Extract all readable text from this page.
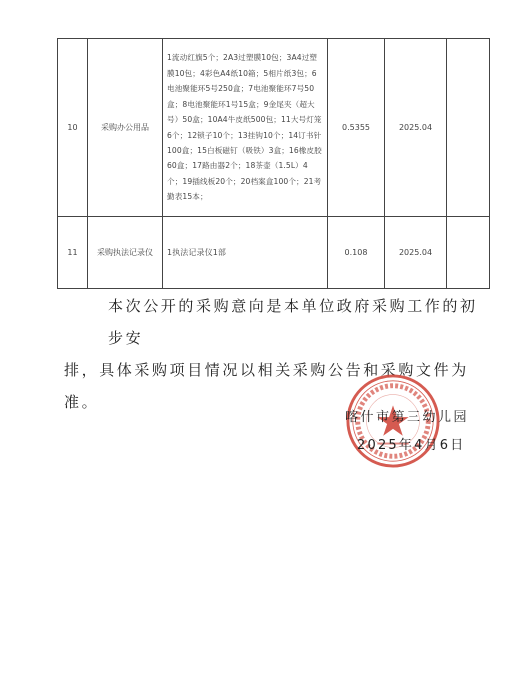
10	采购办公用品	1流动红旗5个；2A3过塑膜10包；3A4过塑膜10包；4彩色A4纸10箱；5相片纸3包；6电池聚能环5号250盒；7电池聚能环7号50盒；8电池聚能环1号15盒；9金尾夹（超大号）50盒；10A4牛皮纸500包；11大号灯笼6个；12锁子10个；13挂钩10个；14订书针100盒；15白板磁钉（吸铁）3盒；16橡皮胶60盒；17路由器2个；18茶壶（1.5L）4个；19插线板20个；20档案盒100个；21考勤表15本；	0.5355	2025.04	
11	采购执法记录仪	1执法记录仪1部	0.108	2025.04	
本次公开的采购意向是本单位政府采购工作的初步安
排，具体采购项目情况以相关采购公告和采购文件为准。
喀什市第三幼儿园
2025年4月6日
